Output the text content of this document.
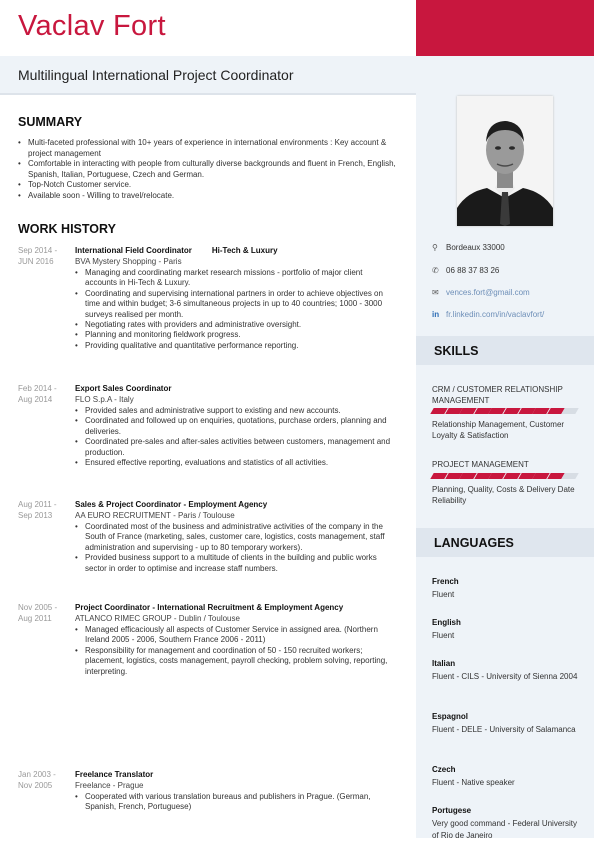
Vaclav Fort
Multilingual International Project Coordinator
SUMMARY
• Multi-faceted professional with 10+ years of experience in international environments : Key account & project management
• Comfortable in interacting with people from culturally diverse backgrounds and fluent in French, English, Spanish, Italian, Portuguese, Czech and German.
• Top-Notch Customer service.
• Available soon - Willing to travel/relocate.
WORK HISTORY
Sep 2014 -
JUN 2016
International Field Coordinator	Hi-Tech & Luxury
BVA Mystery Shopping - Paris
• Managing and coordinating market research missions - portfolio of major client accounts in Hi-Tech & Luxury.
• Coordinating and supervising international partners in order to achieve objectives on time and within budget; 3-6 simultaneous projects in up to 40 countries; 1000 - 3000 surveys realised per month.
• Negotiating rates with providers and administrative oversight.
• Planning and monitoring fieldwork progress.
• Providing qualitative and quantitative performance reporting.
Feb 2014 -
Aug 2014
Export Sales Coordinator
FLO S.p.A - Italy
• Provided sales and administrative support to existing and new accounts.
• Coordinated and followed up on enquiries, quotations, purchase orders, planning and deliveries.
• Coordinated pre-sales and after-sales activities between customers, management and production.
• Ensured effective reporting, evaluations and statistics of all activities.
Aug 2011 -
Sep 2013
Sales & Project Coordinator - Employment Agency
AA EURO RECRUITMENT - Paris / Toulouse
• Coordinated most of the business and administrative activities of the company in the South of France (marketing, sales, customer care, logistics, costs management, staff administration and supervising - up to 80 temporary workers).
• Provided business support to a multitude of clients in the building and public works sector in order to optimise and increase staff numbers.
Nov 2005 -
Aug 2011
Project Coordinator - International Recruitment & Employment Agency
ATLANCO RIMEC GROUP - Dublin / Toulouse
• Managed efficaciously all aspects of Customer Service in assigned area. (Northern Ireland 2005 - 2006, Southern France 2006 - 2011)
• Responsibility for management and coordination of 50 - 150 recruited workers; placement, logistics, costs management, payroll checking, problem solving, reporting, interpreting.
Jan 2003 -
Nov 2005
Freelance Translator
Freelance - Prague
• Cooperated with various translation bureaus and publishers in Prague. (German, Spanish, French, Portuguese)
⚲ Bordeaux 33000
✆ 06 88 37 83 26
✉ vences.fort@gmail.com
in fr.linkedin.com/in/vaclavfort/
SKILLS
CRM / CUSTOMER RELATIONSHIP MANAGEMENT
Relationship Management, Customer Loyalty & Satisfaction
PROJECT MANAGEMENT
Planning, Quality, Costs & Delivery Date Reliability
LANGUAGES
French
Fluent
English
Fluent
Italian
Fluent - CILS - University of Sienna 2004
Espagnol
Fluent - DELE - University of Salamanca
Czech
Fluent - Native speaker
Portugese
Very good command - Federal University of Rio de Janeiro
